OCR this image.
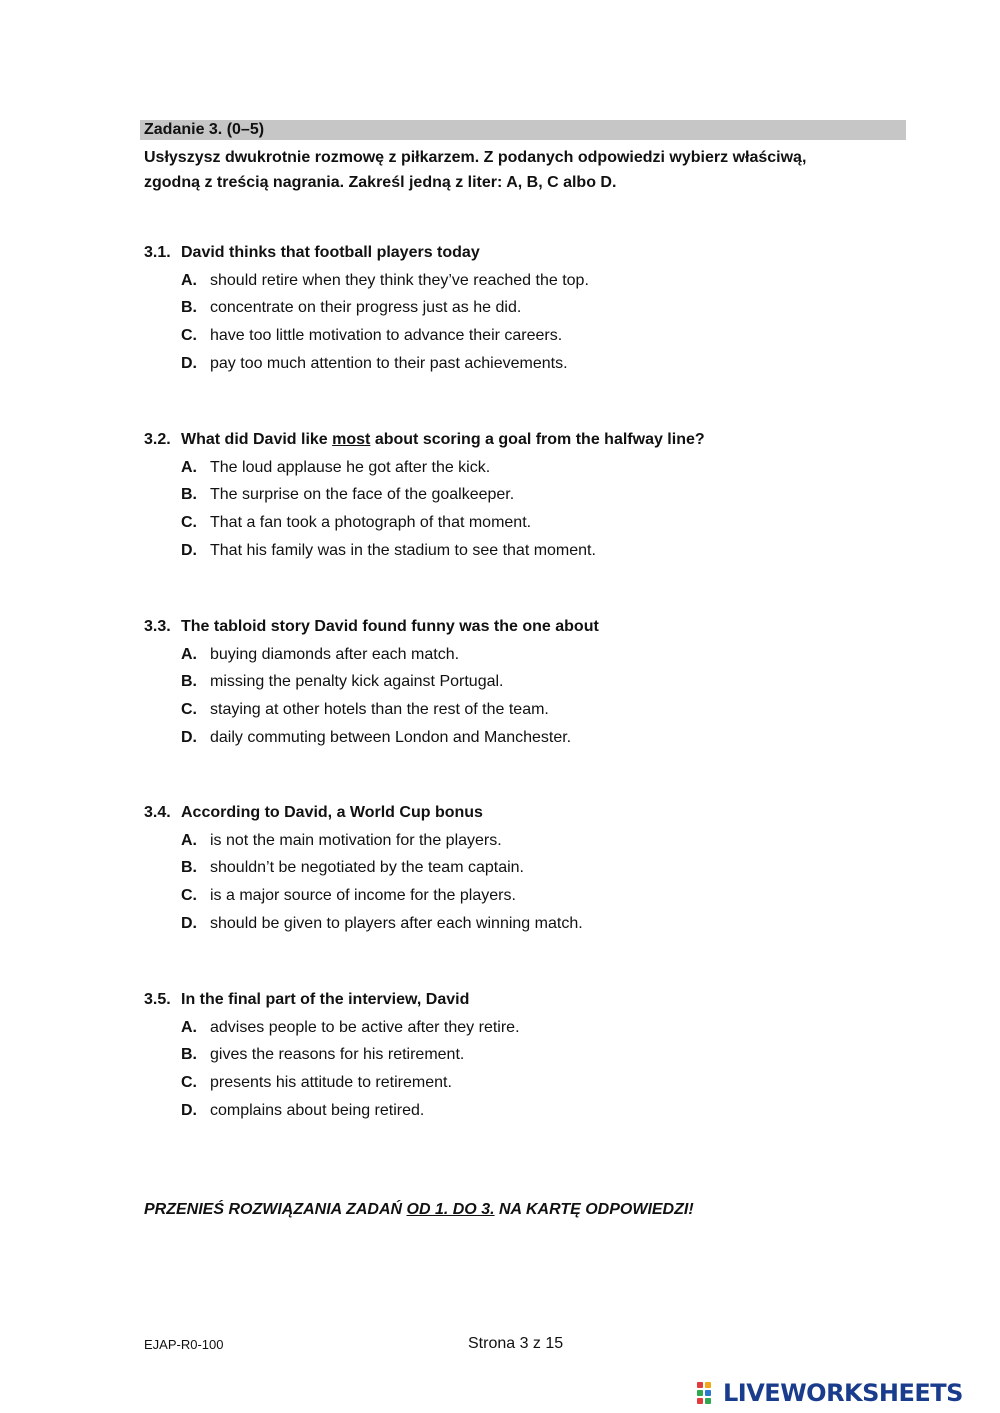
Zadanie 3. (0–5)

Usłyszysz dwukrotnie rozmowę z piłkarzem. Z podanych odpowiedzi wybierz właściwą,

zgodną z treścią nagrania. Zakreśl jedną z liter: A, B, C albo D.

3.1. David thinks that football players today
A. should retire when they think they’ve reached the top.
B. concentrate on their progress just as he did.
C. have too little motivation to advance their careers.
D. pay too much attention to their past achievements.
3.2. What did David like most about scoring a goal from the halfway line?
A. The loud applause he got after the kick.
B. The surprise on the face of the goalkeeper.
C. That a fan took a photograph of that moment.
D. That his family was in the stadium to see that moment.
3.3. The tabloid story David found funny was the one about
A. buying diamonds after each match.
B. missing the penalty kick against Portugal.
C. staying at other hotels than the rest of the team.
D. daily commuting between London and Manchester.
3.4. According to David, a World Cup bonus
A. is not the main motivation for the players.
B. shouldn’t be negotiated by the team captain.
C. is a major source of income for the players.
D. should be given to players after each winning match.
3.5. In the final part of the interview, David
A. advises people to be active after they retire.
B. gives the reasons for his retirement.
C. presents his attitude to retirement.
D. complains about being retired.
PRZENIEŚ ROZWIĄZANIA ZADAŃ OD 1. DO 3. NA KARTĘ ODPOWIEDZI!
EJAP-R0-100	Strona 3 z 15
LIVEWORKSHEETS
